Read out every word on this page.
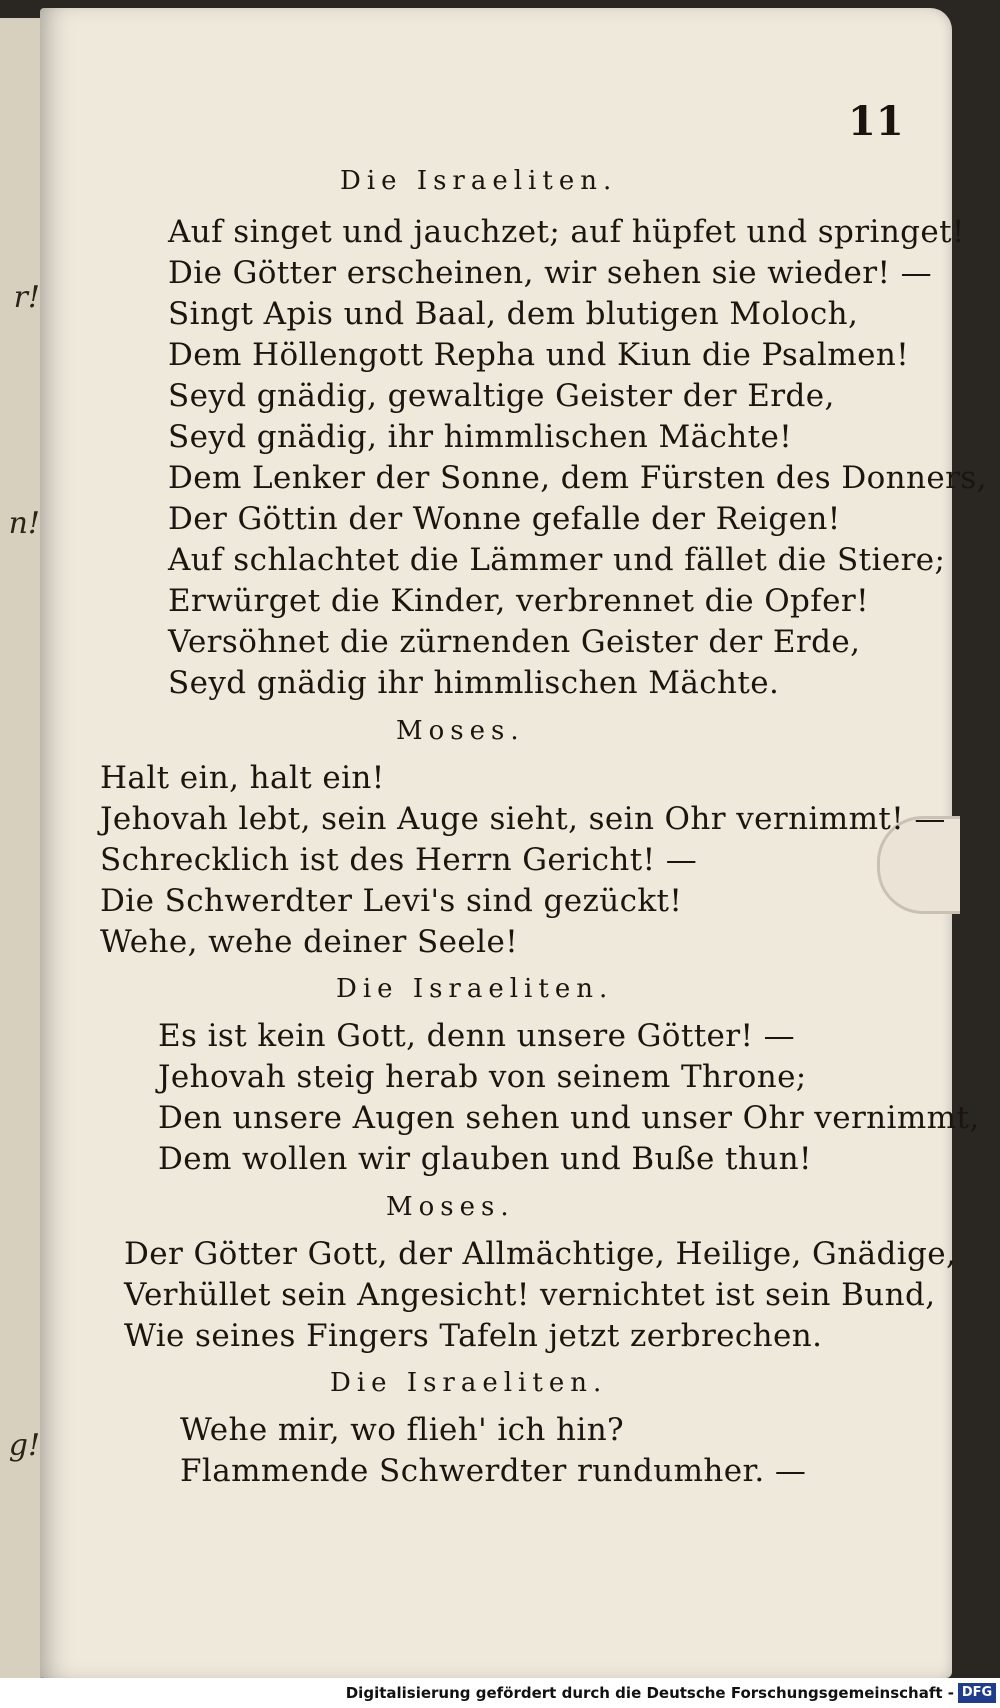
r!
n!
g!
11
Die Israeliten.
Auf singet und jauchzet; auf hüpfet und springet!
Die Götter erscheinen, wir sehen sie wieder! —
Singt Apis und Baal, dem blutigen Moloch,
Dem Höllengott Repha und Kiun die Psalmen!
Seyd gnädig, gewaltige Geister der Erde,
Seyd gnädig, ihr himmlischen Mächte!
Dem Lenker der Sonne, dem Fürsten des Donners,
Der Göttin der Wonne gefalle der Reigen!
Auf schlachtet die Lämmer und fället die Stiere;
Erwürget die Kinder, verbrennet die Opfer!
Versöhnet die zürnenden Geister der Erde,
Seyd gnädig ihr himmlischen Mächte.
Moses.
Halt ein, halt ein!
Jehovah lebt, sein Auge sieht, sein Ohr vernimmt! —
Schrecklich ist des Herrn Gericht! —
Die Schwerdter Levi's sind gezückt!
Wehe, wehe deiner Seele!
Die Israeliten.
Es ist kein Gott, denn unsere Götter! —
Jehovah steig herab von seinem Throne;
Den unsere Augen sehen und unser Ohr vernimmt,
Dem wollen wir glauben und Buße thun!
Moses.
Der Götter Gott, der Allmächtige, Heilige, Gnädige,
Verhüllet sein Angesicht! vernichtet ist sein Bund,
Wie seines Fingers Tafeln jetzt zerbrechen.
Die Israeliten.
Wehe mir, wo flieh' ich hin?
Flammende Schwerdter rundumher. —
Digitalisierung gefördert durch die Deutsche Forschungsgemeinschaft - DFG
